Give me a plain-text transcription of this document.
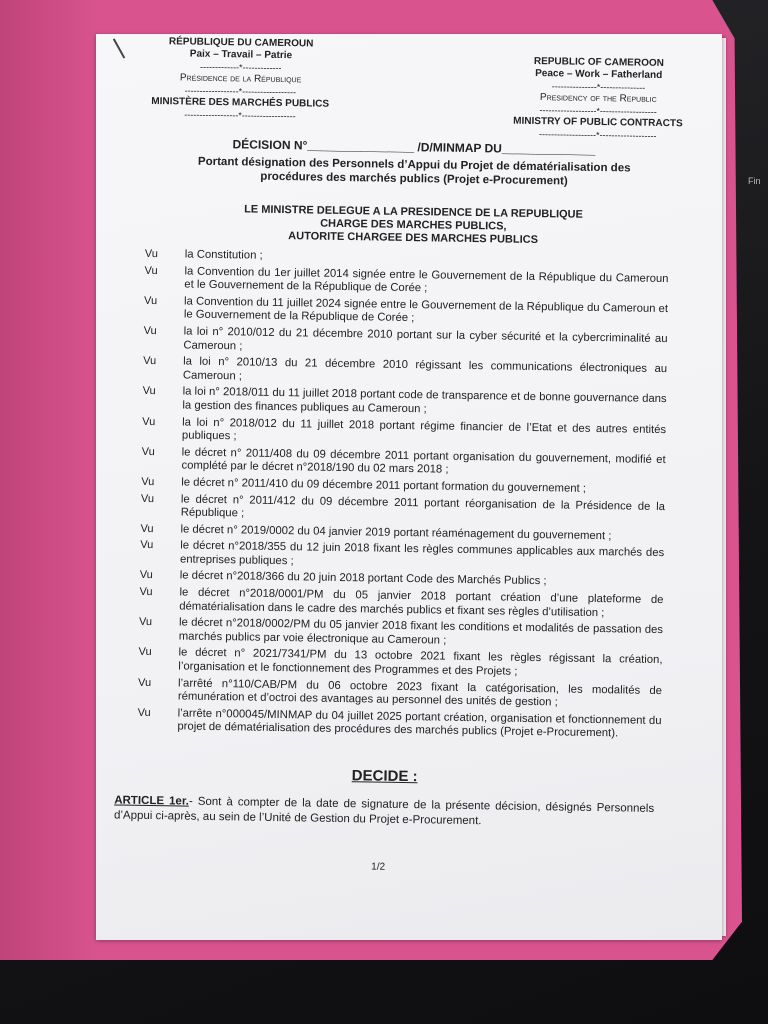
Fin
RÉPUBLIQUE DU CAMEROUN
Paix – Travail – Patrie
-------------*-------------
Présidence de la République
------------------*------------------
MINISTÈRE DES MARCHÉS PUBLICS
------------------*------------------
REPUBLIC OF CAMEROON
Peace – Work – Fatherland
---------------*---------------
Presidency of the Republic
-------------------*-------------------
MINISTRY OF PUBLIC CONTRACTS
-------------------*-------------------
DÉCISION N°________________ /D/MINMAP DU______________
Portant désignation des Personnels d’Appui du Projet de dématérialisation des
procédures des marchés publics (Projet e-Procurement)
LE MINISTRE DELEGUE A LA PRESIDENCE DE LA REPUBLIQUE
CHARGE DES MARCHES PUBLICS,
AUTORITE CHARGEE DES MARCHES PUBLICS
Vu	la Constitution ;
Vu	la Convention du 1er juillet 2014 signée entre le Gouvernement de la République du Cameroun et le Gouvernement de la République de Corée ;
Vu	la Convention du 11 juillet 2024 signée entre le Gouvernement de la République du Cameroun et le Gouvernement de la République de Corée ;
Vu	la loi n° 2010/012 du 21 décembre 2010 portant sur la cyber sécurité et la cybercriminalité au Cameroun ;
Vu	la loi n° 2010/13 du 21 décembre 2010 régissant les communications électroniques au Cameroun ;
Vu	la loi n° 2018/011 du 11 juillet 2018 portant code de transparence et de bonne gouvernance dans la gestion des finances publiques au Cameroun ;
Vu	la loi n° 2018/012 du 11 juillet 2018 portant régime financier de l’Etat et des autres entités publiques ;
Vu	le décret n° 2011/408 du 09 décembre 2011 portant organisation du gouvernement, modifié et complété par le décret n°2018/190 du 02 mars 2018 ;
Vu	le décret n° 2011/410 du 09 décembre 2011 portant formation du gouvernement ;
Vu	le décret n° 2011/412 du 09 décembre 2011 portant réorganisation de la Présidence de la République ;
Vu	le décret n° 2019/0002 du 04 janvier 2019 portant réaménagement du gouvernement ;
Vu	le décret n°2018/355 du 12 juin 2018 fixant les règles communes applicables aux marchés des entreprises publiques ;
Vu	le décret n°2018/366 du 20 juin 2018 portant Code des Marchés Publics ;
Vu	le décret n°2018/0001/PM du 05 janvier 2018 portant création d’une plateforme de dématérialisation dans le cadre des marchés publics et fixant ses règles d’utilisation ;
Vu	le décret n°2018/0002/PM du 05 janvier 2018 fixant les conditions et modalités de passation des marchés publics par voie électronique au Cameroun ;
Vu	le décret n° 2021/7341/PM du 13 octobre 2021 fixant les règles régissant la création, l’organisation et le fonctionnement des Programmes et des Projets ;
Vu	l’arrêté n°110/CAB/PM du 06 octobre 2023 fixant la catégorisation, les modalités de rémunération et d’octroi des avantages au personnel des unités de gestion ;
Vu	l’arrête n°000045/MINMAP du 04 juillet 2025 portant création, organisation et fonctionnement du projet de dématérialisation des procédures des marchés publics (Projet e-Procurement).
DECIDE :
ARTICLE 1er.- Sont à compter de la date de signature de la présente décision, désignés Personnels d’Appui ci-après, au sein de l’Unité de Gestion du Projet e-Procurement.
1/2
